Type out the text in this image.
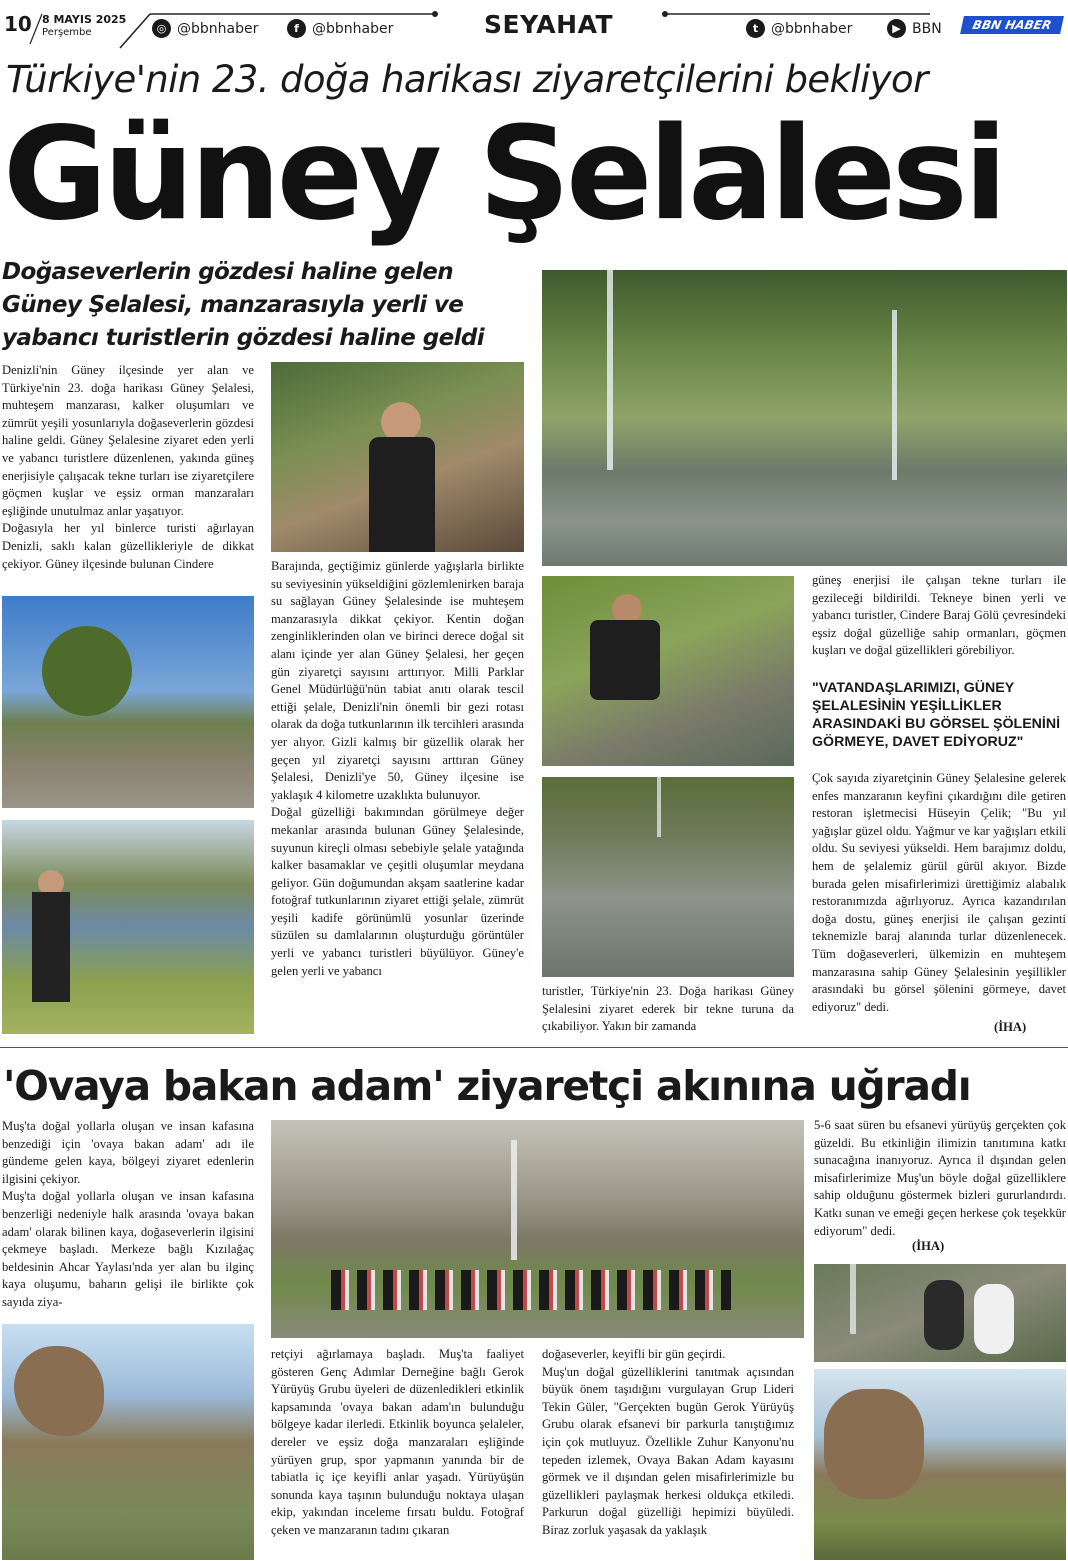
10 8 MAYIS 2025
Perşembe	◎ @bbnhaber	f @bbnhaber	SEYAHAT	t @bbnhaber	▶ BBN	BBN HABER
Türkiye'nin 23. doğa harikası ziyaretçilerini bekliyor
Güney Şelalesi
Doğaseverlerin gözdesi haline gelen Güney Şelalesi, manzarasıyla yerli ve yabancı turistlerin gözdesi haline geldi
Denizli'nin Güney ilçesinde yer alan ve Türkiye'nin 23. doğa harikası Güney Şelalesi, muhteşem manzarası, kalker oluşumları ve zümrüt yeşili yosunlarıyla doğaseverlerin gözdesi haline geldi. Güney Şelalesine ziyaret eden yerli ve yabancı turistlere düzenlenen, yakında güneş enerjisiyle çalışacak tekne turları ise ziyaretçilere göçmen kuşlar ve eşsiz orman manzaraları eşliğinde unutulmaz anlar yaşatıyor.
Doğasıyla her yıl binlerce turisti ağırlayan Denizli, saklı kalan güzellikleriyle de dikkat çekiyor. Güney ilçesinde bulunan Cindere	Barajında, geçtiğimiz günlerde yağışlarla birlikte su seviyesinin yükseldiğini gözlemlenirken baraja su sağlayan Güney Şelalesinde ise muhteşem manzarasıyla dikkat çekiyor. Kentin doğan zenginliklerinden olan ve birinci derece doğal sit alanı içinde yer alan Güney Şelalesi, her geçen gün ziyaretçi sayısını arttırıyor. Milli Parklar Genel Müdürlüğü'nün tabiat anıtı olarak tescil ettiği şelale, Denizli'nin önemli bir gezi rotası olarak da doğa tutkunlarının ilk tercihleri arasında yer alıyor. Gizli kalmış bir güzellik olarak her geçen yıl ziyaretçi sayısını arttıran Güney Şelalesi, Denizli'ye 50, Güney ilçesine ise yaklaşık 4 kilometre uzaklıkta bulunuyor.
Doğal güzelliği bakımından görülmeye değer mekanlar arasında bulunan Güney Şelalesinde, suyunun kireçli olması sebebiyle şelale yatağında kalker basamaklar ve çeşitli oluşumlar meydana geliyor. Gün doğumundan akşam saatlerine kadar fotoğraf tutkunlarının ziyaret ettiği şelale, zümrüt yeşili kadife görünümlü yosunlar üzerinde süzülen su damlalarının oluşturduğu görüntüler yerli ve yabancı turistleri büyülüyor. Güney'e gelen yerli ve yabancı
turistler, Türkiye'nin 23. Doğa harikası Güney Şelalesini ziyaret ederek bir tekne turuna da çıkabiliyor. Yakın bir zamanda
güneş enerjisi ile çalışan tekne turları ile gezileceği bildirildi. Tekneye binen yerli ve yabancı turistler, Cindere Baraj Gölü çevresindeki eşsiz doğal güzelliğe sahip ormanları, göçmen kuşları ve doğal güzellikleri görebiliyor.
"VATANDAŞLARIMIZI, GÜNEY ŞELALESİNİN YEŞİLLİKLER ARASINDAKİ BU GÖRSEL ŞÖLENİNİ GÖRMEYE, DAVET EDİYORUZ"
Çok sayıda ziyaretçinin Güney Şelalesine gelerek enfes manzaranın keyfini çıkardığını dile getiren restoran işletmecisi Hüseyin Çelik; "Bu yıl yağışlar güzel oldu. Yağmur ve kar yağışları etkili oldu. Su seviyesi yükseldi. Hem barajımız doldu, hem de şelalemiz gürül gürül akıyor. Bizde burada gelen misafirlerimizi ürettiğimiz alabalık restoranımızda ağırlıyoruz. Ayrıca kazandırılan doğa dostu, güneş enerjisi ile çalışan gezinti teknemizle baraj alanında turlar düzenlenecek. Tüm doğaseverleri, ülkemizin en muhteşem manzarasına sahip Güney Şelalesinin yeşillikler arasındaki bu görsel şölenini görmeye, davet ediyoruz" dedi.
(İHA)
'Ovaya bakan adam' ziyaretçi akınına uğradı
Muş'ta doğal yollarla oluşan ve insan kafasına benzediği için 'ovaya bakan adam' adı ile gündeme gelen kaya, bölgeyi ziyaret edenlerin ilgisini çekiyor.
Muş'ta doğal yollarla oluşan ve insan kafasına benzerliği nedeniyle halk arasında 'ovaya bakan adam' olarak bilinen kaya, doğaseverlerin ilgisini çekmeye başladı. Merkeze bağlı Kızılağaç beldesinin Ahcar Yaylası'nda yer alan bu ilginç kaya oluşumu, baharın gelişi ile birlikte çok sayıda ziya-
retçiyi ağırlamaya başladı. Muş'ta faaliyet gösteren Genç Adımlar Derneğine bağlı Gerok Yürüyüş Grubu üyeleri de düzenledikleri etkinlik kapsamında 'ovaya bakan adam'ın bulunduğu bölgeye kadar ilerledi. Etkinlik boyunca şelaleler, dereler ve eşsiz doğa manzaraları eşliğinde yürüyen grup, spor yapmanın yanında bir de tabiatla iç içe keyifli anlar yaşadı. Yürüyüşün sonunda kaya taşının bulunduğu noktaya ulaşan ekip, yakından inceleme fırsatı buldu. Fotoğraf çeken ve manzaranın tadını çıkaran
doğaseverler, keyifli bir gün geçirdi.
Muş'un doğal güzelliklerini tanıtmak açısından büyük önem taşıdığını vurgulayan Grup Lideri Tekin Güler, "Gerçekten bugün Gerok Yürüyüş Grubu olarak efsanevi bir parkurla tanıştığımız için çok mutluyuz. Özellikle Zuhur Kanyonu'nu tepeden izlemek, Ovaya Bakan Adam kayasını görmek ve il dışından gelen misafirlerimizle bu güzellikleri paylaşmak herkesi oldukça etkiledi. Parkurun doğal güzelliği hepimizi büyüledi. Biraz zorluk yaşasak da yaklaşık
5-6 saat süren bu efsanevi yürüyüş gerçekten çok güzeldi. Bu etkinliğin ilimizin tanıtımına katkı sunacağına inanıyoruz. Ayrıca il dışından gelen misafirlerimize Muş'un böyle doğal güzelliklere sahip olduğunu göstermek bizleri gururlandırdı. Katkı sunan ve emeği geçen herkese çok teşekkür ediyorum" dedi.
(İHA)
